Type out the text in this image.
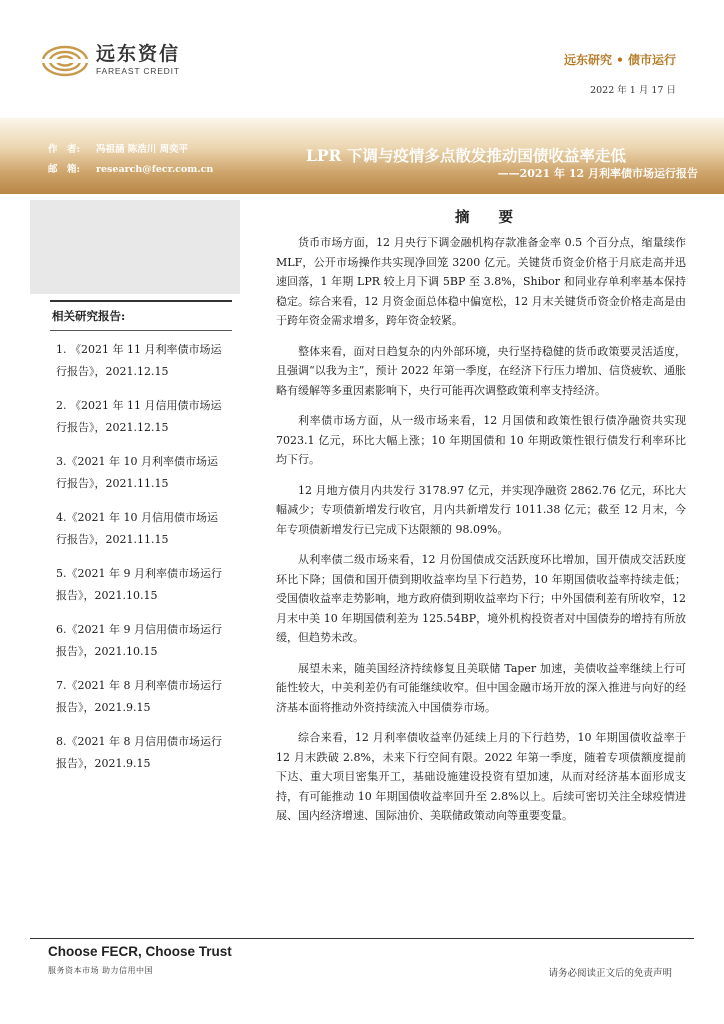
远东资信
FAREAST CREDIT
远东研究 • 债市运行
2022 年 1 月 17 日
作　者: 冯祖涵 陈浩川 周奕平
邮　箱: research@fecr.com.cn
LPR 下调与疫情多点散发推动国债收益率走低
——2021 年 12 月利率债市场运行报告
相关研究报告:
1. 《2021 年 11 月利率债市场运行报告》，2021.12.15
2. 《2021 年 11 月信用债市场运行报告》，2021.12.15
3.《2021 年 10 月利率债市场运行报告》，2021.11.15
4.《2021 年 10 月信用债市场运行报告》，2021.11.15
5.《2021 年 9 月利率债市场运行报告》，2021.10.15
6.《2021 年 9 月信用债市场运行报告》，2021.10.15
7.《2021 年 8 月利率债市场运行报告》，2021.9.15
8.《2021 年 8 月信用债市场运行报告》，2021.9.15
摘 要

货币市场方面，12 月央行下调金融机构存款准备金率 0.5 个百分点，缩量续作 MLF，公开市场操作共实现净回笼 3200 亿元。关键货币资金价格于月底走高并迅速回落，1 年期 LPR 较上月下调 5BP 至 3.8%，Shibor 和同业存单利率基本保持稳定。综合来看，12 月资金面总体稳中偏宽松，12 月末关键货币资金价格走高是由于跨年资金需求增多，跨年资金较紧。

整体来看，面对日趋复杂的内外部环境，央行坚持稳健的货币政策要灵活适度，且强调“以我为主”，预计 2022 年第一季度，在经济下行压力增加、信贷疲软、通胀略有缓解等多重因素影响下，央行可能再次调整政策利率支持经济。

利率债市场方面，从一级市场来看，12 月国债和政策性银行债净融资共实现 7023.1 亿元，环比大幅上涨；10 年期国债和 10 年期政策性银行债发行利率环比均下行。

12 月地方债月内共发行 3178.97 亿元，并实现净融资 2862.76 亿元，环比大幅减少；专项债新增发行收官，月内共新增发行 1011.38 亿元；截至 12 月末，今年专项债新增发行已完成下达限额的 98.09%。

从利率债二级市场来看，12 月份国债成交活跃度环比增加，国开债成交活跃度环比下降；国债和国开债到期收益率均呈下行趋势，10 年期国债收益率持续走低；受国债收益率走势影响，地方政府债到期收益率均下行；中外国债利差有所收窄，12 月末中美 10 年期国债利差为 125.54BP，境外机构投资者对中国债券的增持有所放缓，但趋势未改。

展望未来，随美国经济持续修复且美联储 Taper 加速，美债收益率继续上行可能性较大，中美利差仍有可能继续收窄。但中国金融市场开放的深入推进与向好的经济基本面将推动外资持续流入中国债券市场。

综合来看，12 月利率债收益率仍延续上月的下行趋势，10 年期国债收益率于 12 月末跌破 2.8%，未来下行空间有限。2022 年第一季度，随着专项债额度提前下达、重大项目密集开工，基础设施建设投资有望加速，从而对经济基本面形成支持，有可能推动 10 年期国债收益率回升至 2.8%以上。后续可密切关注全球疫情进展、国内经济增速、国际油价、美联储政策动向等重要变量。

Choose FECR, Choose Trust
服务资本市场 助力信用中国	请务必阅读正文后的免责声明
